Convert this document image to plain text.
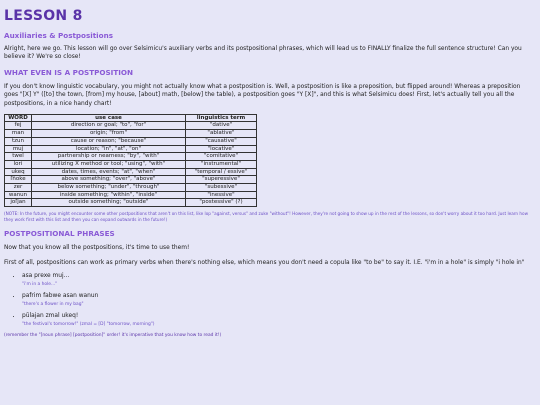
LESSON 8
Auxiliaries & Postpositions

Alright, here we go. This lesson will go over Selsimicu's auxiliary verbs and its postpositional phrases, which will lead us to FINALLY finalize the full sentence structure! Can you believe it? We're so close!

WHAT EVEN IS A POSTPOSITION

If you don't know linguistic vocabulary, you might not actually know what a postposition is. Well, a postposition is like a preposition, but flipped around! Whereas a preposition goes "[X] Y" ([to] the town, [from] my house, [about] math, [below] the table), a postposition goes "Y [X]", and this is what Selsimicu does! First, let's actually tell you all the postpositions, in a nice handy chart!

WORD	use case	linguistics term
fej	direction or goal; "to", "for"	"dative"
man	origin; "from"	"ablative"
tzun	cause or reason; "because"	"causative"
muj	location; "in", "at", "on"	"locative"
twel	partnership or nearness; "by", "with"	"comitative"
lori	utilizing X method or tool; "using", "with"	"instrumental"
ukeq	dates, times, events; "at", "when"	"temporal / essive"
ľňoke	above something; "over", "above"	"superessive"
zer	below something; "under", "through"	"subessive"
wanun	inside something; "within", "inside"	"inessive"
joľjan	outside something; "outside"	"postessive" (?)

(NOTE: In the future, you might encounter some other postpositions that aren't on this list, like lop "against, versus" and zuke "without"! However, they're not going to show up in the rest of the lessons, so don't worry about it too hard. Just learn how they work first with this list and then you can expand outwards in the future!)

POSTPOSITIONAL PHRASES

Now that you know all the postpositions, it's time to use them!

First of all, postpositions can work as primary verbs when there's nothing else, which means you don't need a copula like "to be" to say it. I.E. "i'm in a hole" is simply "i hole in"

• asa prexe muj...
"i'm in a hole..."
• pafrim fabwe asan wanun
"there's a flower in my bag"
• pŭlajan zmal ukeq!
"the festival's tomorrow!" (zmal = [D] "tomorrow, morning")

(remember the "[noun phrase] [postposition]" order! it's imperative that you know how to read it!)
